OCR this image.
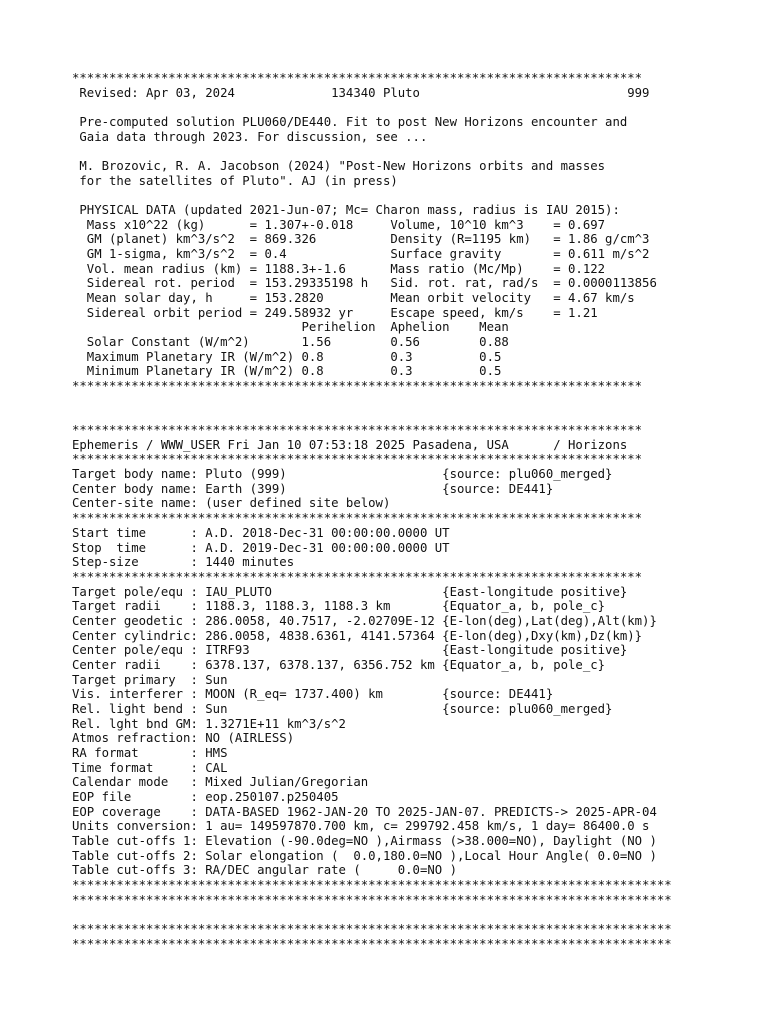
*****************************************************************************
Revised: Apr 03, 2024             134340 Pluto                            999
Pre-computed solution PLU060/DE440. Fit to post New Horizons encounter and
Gaia data through 2023. For discussion, see ...
M. Brozovic, R. A. Jacobson (2024) "Post-New Horizons orbits and masses
for the satellites of Pluto". AJ (in press)
PHYSICAL DATA (updated 2021-Jun-07; Mc= Charon mass, radius is IAU 2015):
Mass x10^22 (kg)      = 1.307+-0.018     Volume, 10^10 km^3    = 0.697
GM (planet) km^3/s^2  = 869.326          Density (R=1195 km)   = 1.86 g/cm^3
GM 1-sigma, km^3/s^2  = 0.4              Surface gravity       = 0.611 m/s^2
Vol. mean radius (km) = 1188.3+-1.6      Mass ratio (Mc/Mp)    = 0.122
Sidereal rot. period  = 153.29335198 h   Sid. rot. rat, rad/s  = 0.0000113856
Mean solar day, h     = 153.2820         Mean orbit velocity   = 4.67 km/s
Sidereal orbit period = 249.58932 yr     Escape speed, km/s    = 1.21
Perihelion  Aphelion    Mean
Solar Constant (W/m^2)       1.56        0.56        0.88
Maximum Planetary IR (W/m^2) 0.8         0.3         0.5
Minimum Planetary IR (W/m^2) 0.8         0.3         0.5
*****************************************************************************
*****************************************************************************
Ephemeris / WWW_USER Fri Jan 10 07:53:18 2025 Pasadena, USA      / Horizons
*****************************************************************************
Target body name: Pluto (999)                     {source: plu060_merged}
Center body name: Earth (399)                     {source: DE441}
Center-site name: (user defined site below)
*****************************************************************************
Start time      : A.D. 2018-Dec-31 00:00:00.0000 UT
Stop  time      : A.D. 2019-Dec-31 00:00:00.0000 UT
Step-size       : 1440 minutes
*****************************************************************************
Target pole/equ : IAU_PLUTO                       {East-longitude positive}
Target radii    : 1188.3, 1188.3, 1188.3 km       {Equator_a, b, pole_c}
Center geodetic : 286.0058, 40.7517, -2.02709E-12 {E-lon(deg),Lat(deg),Alt(km)}
Center cylindric: 286.0058, 4838.6361, 4141.57364 {E-lon(deg),Dxy(km),Dz(km)}
Center pole/equ : ITRF93                          {East-longitude positive}
Center radii    : 6378.137, 6378.137, 6356.752 km {Equator_a, b, pole_c}
Target primary  : Sun
Vis. interferer : MOON (R_eq= 1737.400) km        {source: DE441}
Rel. light bend : Sun                             {source: plu060_merged}
Rel. lght bnd GM: 1.3271E+11 km^3/s^2
Atmos refraction: NO (AIRLESS)
RA format       : HMS
Time format     : CAL
Calendar mode   : Mixed Julian/Gregorian
EOP file        : eop.250107.p250405
EOP coverage    : DATA-BASED 1962-JAN-20 TO 2025-JAN-07. PREDICTS-> 2025-APR-04
Units conversion: 1 au= 149597870.700 km, c= 299792.458 km/s, 1 day= 86400.0 s
Table cut-offs 1: Elevation (-90.0deg=NO ),Airmass (>38.000=NO), Daylight (NO )
Table cut-offs 2: Solar elongation (  0.0,180.0=NO ),Local Hour Angle( 0.0=NO )
Table cut-offs 3: RA/DEC angular rate (     0.0=NO )
*********************************************************************************
*********************************************************************************
*********************************************************************************
*********************************************************************************
